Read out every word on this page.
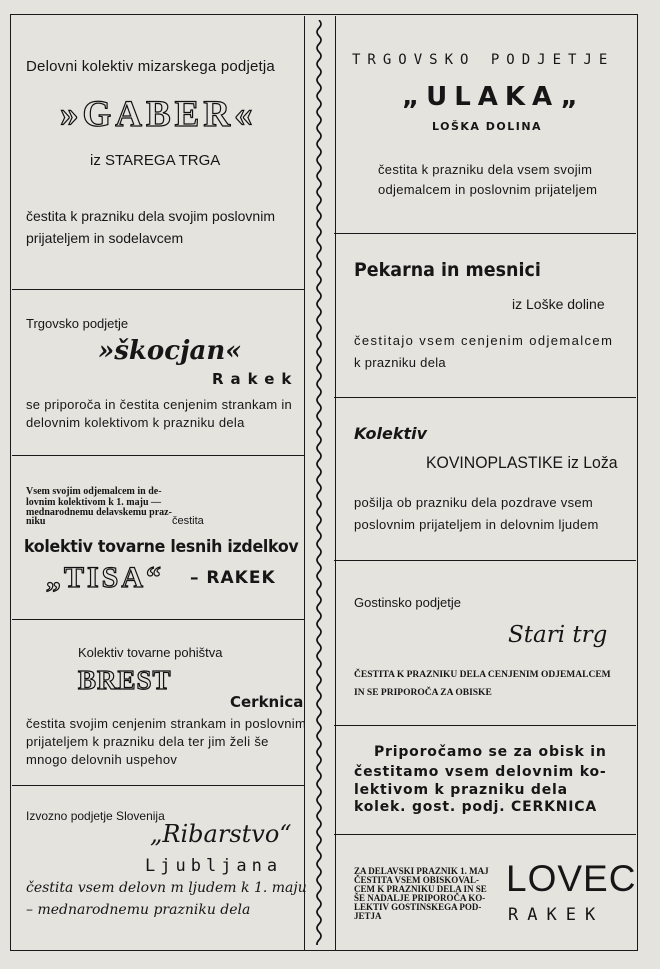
Delovni kolektiv mizarskega podjetja
»GABER«
iz STAREGA TRGA
čestita k prazniku dela svojim poslovnim
prijateljem in sodelavcem
Trgovsko podjetje
»škocjan«
Rakek
se priporoča in čestita cenjenim strankam in
delovnim kolektivom k prazniku dela
Vsem svojim odjemalcem in de-
lovnim kolektivom k 1. maju —
mednarodnemu delavskemu praz-
niku	čestita
kolektiv tovarne lesnih izdelkov
„TISA“ – RAKEK
Kolektiv tovarne pohištva
BREST
Cerknica
čestita svojim cenjenim strankam in poslovnim
prijateljem k prazniku dela ter jim želi še
mnogo delovnih uspehov
Izvozno podjetje Slovenija
„Ribarstvo“
Ljubljana
čestita vsem delovn m ljudem k 1. maju
– mednarodnemu prazniku dela
TRGOVSKO PODJETJE
„ULAKA„
LOŠKA DOLINA
čestita k prazniku dela vsem svojim
odjemalcem in poslovnim prijateljem
Pekarna in mesnici
iz Loške doline
čestitajo vsem cenjenim odjemalcem
k prazniku dela
Kolektiv
KOVINOPLASTIKE iz Loža
pošilja ob prazniku dela pozdrave vsem
poslovnim prijateljem in delovnim ljudem
Gostinsko podjetje
Stari trg
ČESTITA K PRAZNIKU DELA CENJENIM ODJEMALCEM
IN SE PRIPOROČA ZA OBISKE
Priporočamo se za obisk in
čestitamo vsem delovnim ko-
lektivom k prazniku dela
kolek. gost. podj. CERKNICA
ZA DELAVSKI PRAZNIK 1. MAJ
ČESTITA VSEM OBISKOVAL-
CEM K PRAZNIKU DELA IN SE
ŠE NADALJE PRIPOROČA KO-
LEKTIV GOSTINSKEGA POD-
JETJA
LOVEC
RAKEK
